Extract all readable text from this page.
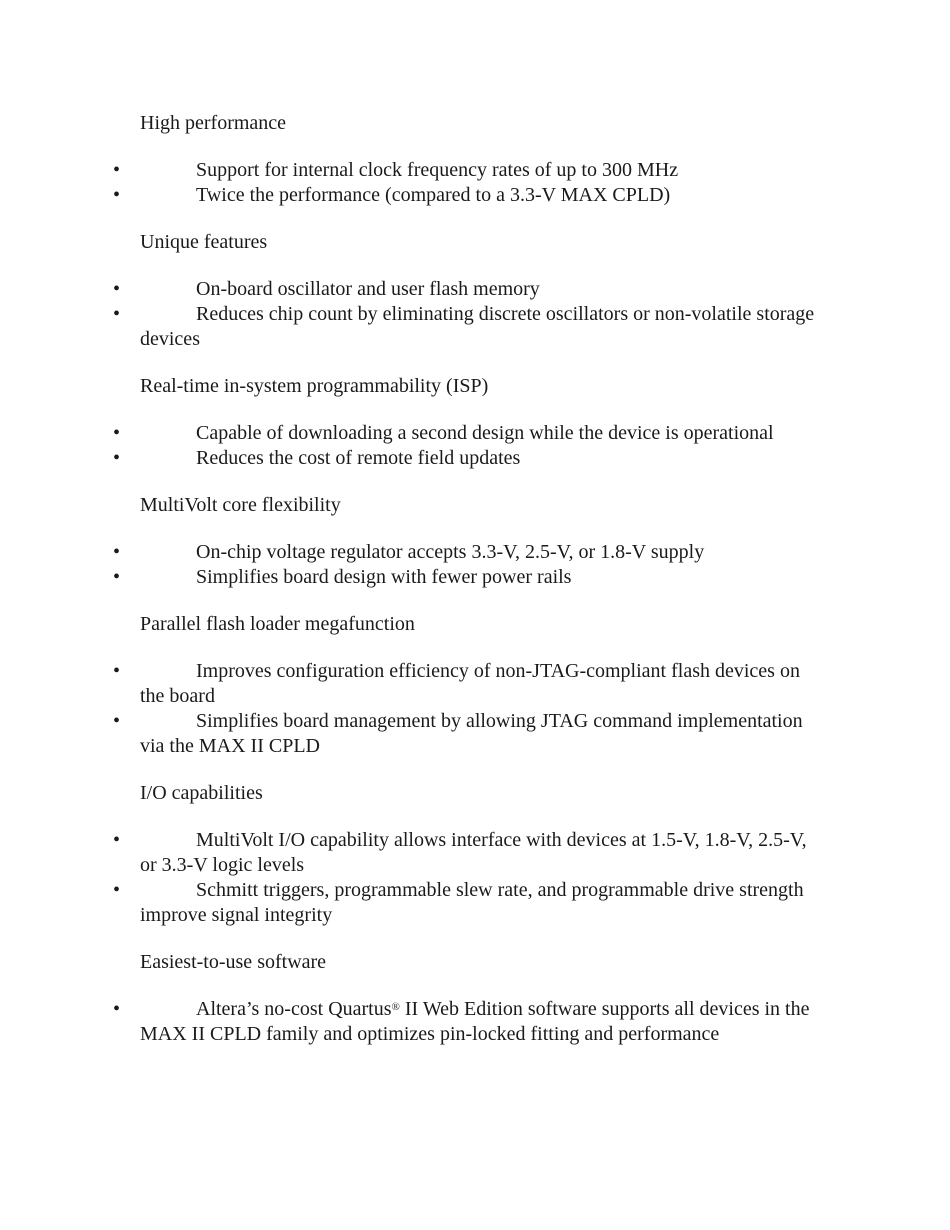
High performance

•
Support for internal clock frequency rates of up to 300 MHz
•
Twice the performance (compared to a 3.3-V MAX CPLD)

Unique features

•
On-board oscillator and user flash memory
•
Reduces chip count by eliminating discrete oscillators or non-volatile storage devices

Real-time in-system programmability (ISP)

•
Capable of downloading a second design while the device is operational
•
Reduces the cost of remote field updates

MultiVolt core flexibility

•
On-chip voltage regulator accepts 3.3-V, 2.5-V, or 1.8-V supply
•
Simplifies board design with fewer power rails

Parallel flash loader megafunction

•
Improves configuration efficiency of non-JTAG-compliant flash devices on the board
•
Simplifies board management by allowing JTAG command implementation via the MAX II CPLD

I/O capabilities

•
MultiVolt I/O capability allows interface with devices at 1.5-V, 1.8-V, 2.5-V, or 3.3-V logic levels
•
Schmitt triggers, programmable slew rate, and programmable drive strength improve signal integrity

Easiest-to-use software

•
Altera’s no-cost Quartus® II Web Edition software supports all devices in the MAX II CPLD family and optimizes pin-locked fitting and performance
